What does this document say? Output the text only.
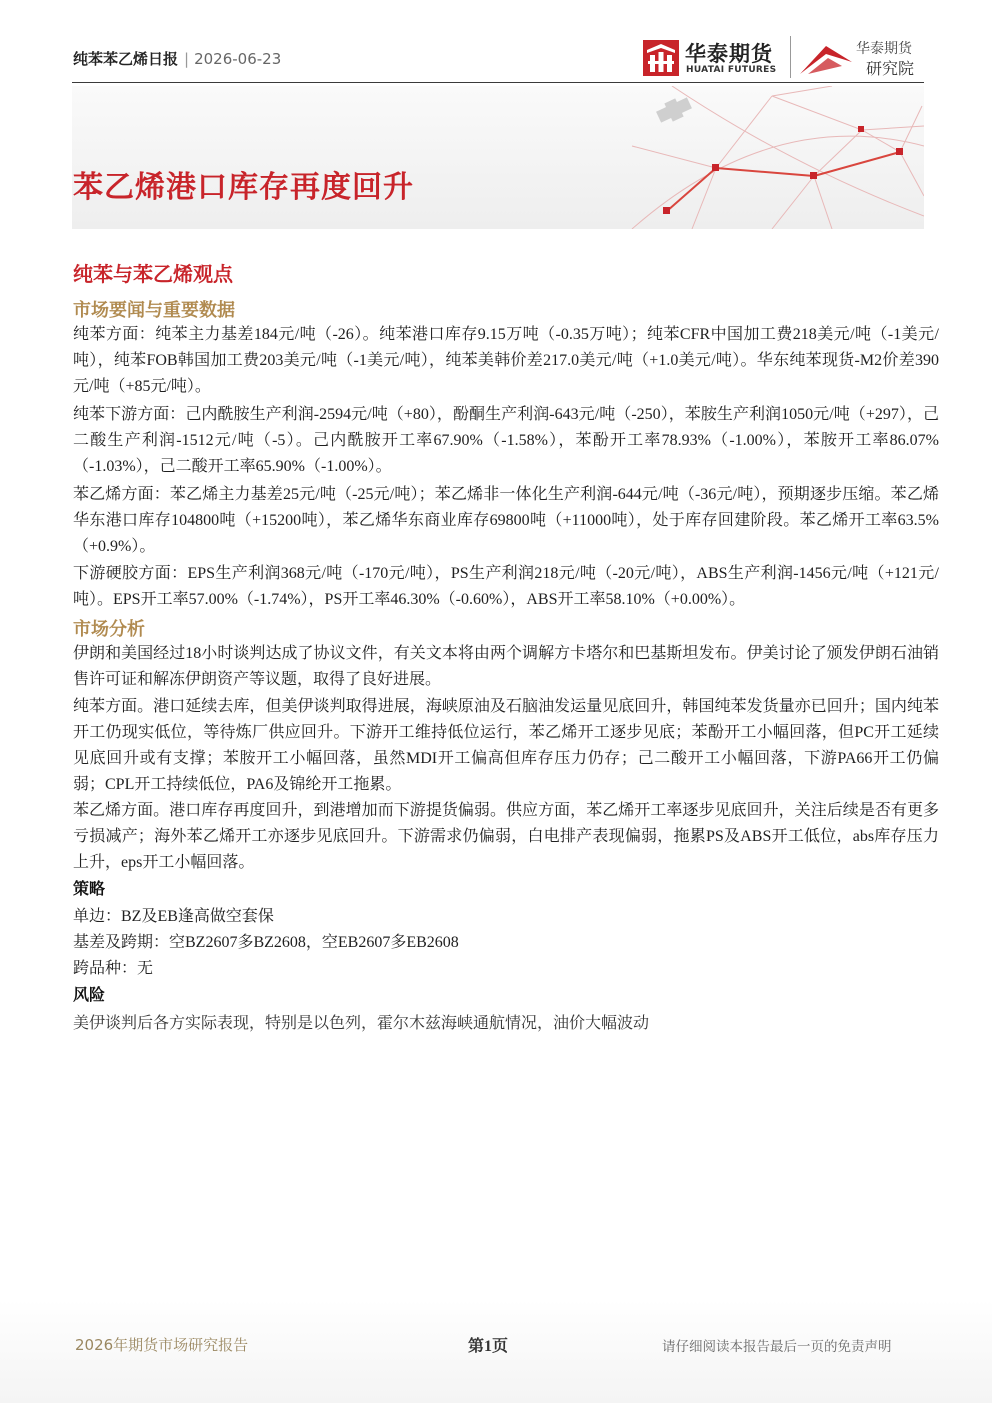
纯苯苯乙烯日报 | 2026-06-23	华泰期货
HUATAI FUTURES
华泰期货
研究院
苯乙烯港口库存再度回升
纯苯与苯乙烯观点
市场要闻与重要数据
纯苯方面：纯苯主力基差184元/吨（-26）。纯苯港口库存9.15万吨（-0.35万吨）；纯苯CFR中国加工费218美元/吨（-1美元/吨），纯苯FOB韩国加工费203美元/吨（-1美元/吨），纯苯美韩价差217.0美元/吨（+1.0美元/吨）。华东纯苯现货-M2价差390元/吨（+85元/吨）。
纯苯下游方面：己内酰胺生产利润-2594元/吨（+80），酚酮生产利润-643元/吨（-250），苯胺生产利润1050元/吨（+297），己二酸生产利润-1512元/吨（-5）。己内酰胺开工率67.90%（-1.58%），苯酚开工率78.93%（-1.00%），苯胺开工率86.07%（-1.03%），己二酸开工率65.90%（-1.00%）。
苯乙烯方面：苯乙烯主力基差25元/吨（-25元/吨）；苯乙烯非一体化生产利润-644元/吨（-36元/吨），预期逐步压缩。苯乙烯华东港口库存104800吨（+15200吨），苯乙烯华东商业库存69800吨（+11000吨），处于库存回建阶段。苯乙烯开工率63.5%（+0.9%）。
下游硬胶方面：EPS生产利润368元/吨（-170元/吨），PS生产利润218元/吨（-20元/吨），ABS生产利润-1456元/吨（+121元/吨）。EPS开工率57.00%（-1.74%），PS开工率46.30%（-0.60%），ABS开工率58.10%（+0.00%）。
市场分析
伊朗和美国经过18小时谈判达成了协议文件，有关文本将由两个调解方卡塔尔和巴基斯坦发布。伊美讨论了颁发伊朗石油销售许可证和解冻伊朗资产等议题，取得了良好进展。
纯苯方面。港口延续去库，但美伊谈判取得进展，海峡原油及石脑油发运量见底回升，韩国纯苯发货量亦已回升；国内纯苯开工仍现实低位，等待炼厂供应回升。下游开工维持低位运行，苯乙烯开工逐步见底；苯酚开工小幅回落，但PC开工延续见底回升或有支撑；苯胺开工小幅回落，虽然MDI开工偏高但库存压力仍存；己二酸开工小幅回落，下游PA66开工仍偏弱；CPL开工持续低位，PA6及锦纶开工拖累。
苯乙烯方面。港口库存再度回升，到港增加而下游提货偏弱。供应方面，苯乙烯开工率逐步见底回升，关注后续是否有更多亏损减产；海外苯乙烯开工亦逐步见底回升。下游需求仍偏弱，白电排产表现偏弱，拖累PS及ABS开工低位，abs库存压力上升，eps开工小幅回落。
策略
单边：BZ及EB逢高做空套保
基差及跨期：空BZ2607多BZ2608，空EB2607多EB2608
跨品种：无
风险
美伊谈判后各方实际表现，特别是以色列，霍尔木兹海峡通航情况，油价大幅波动
2026年期货市场研究报告	第1页	请仔细阅读本报告最后一页的免责声明
